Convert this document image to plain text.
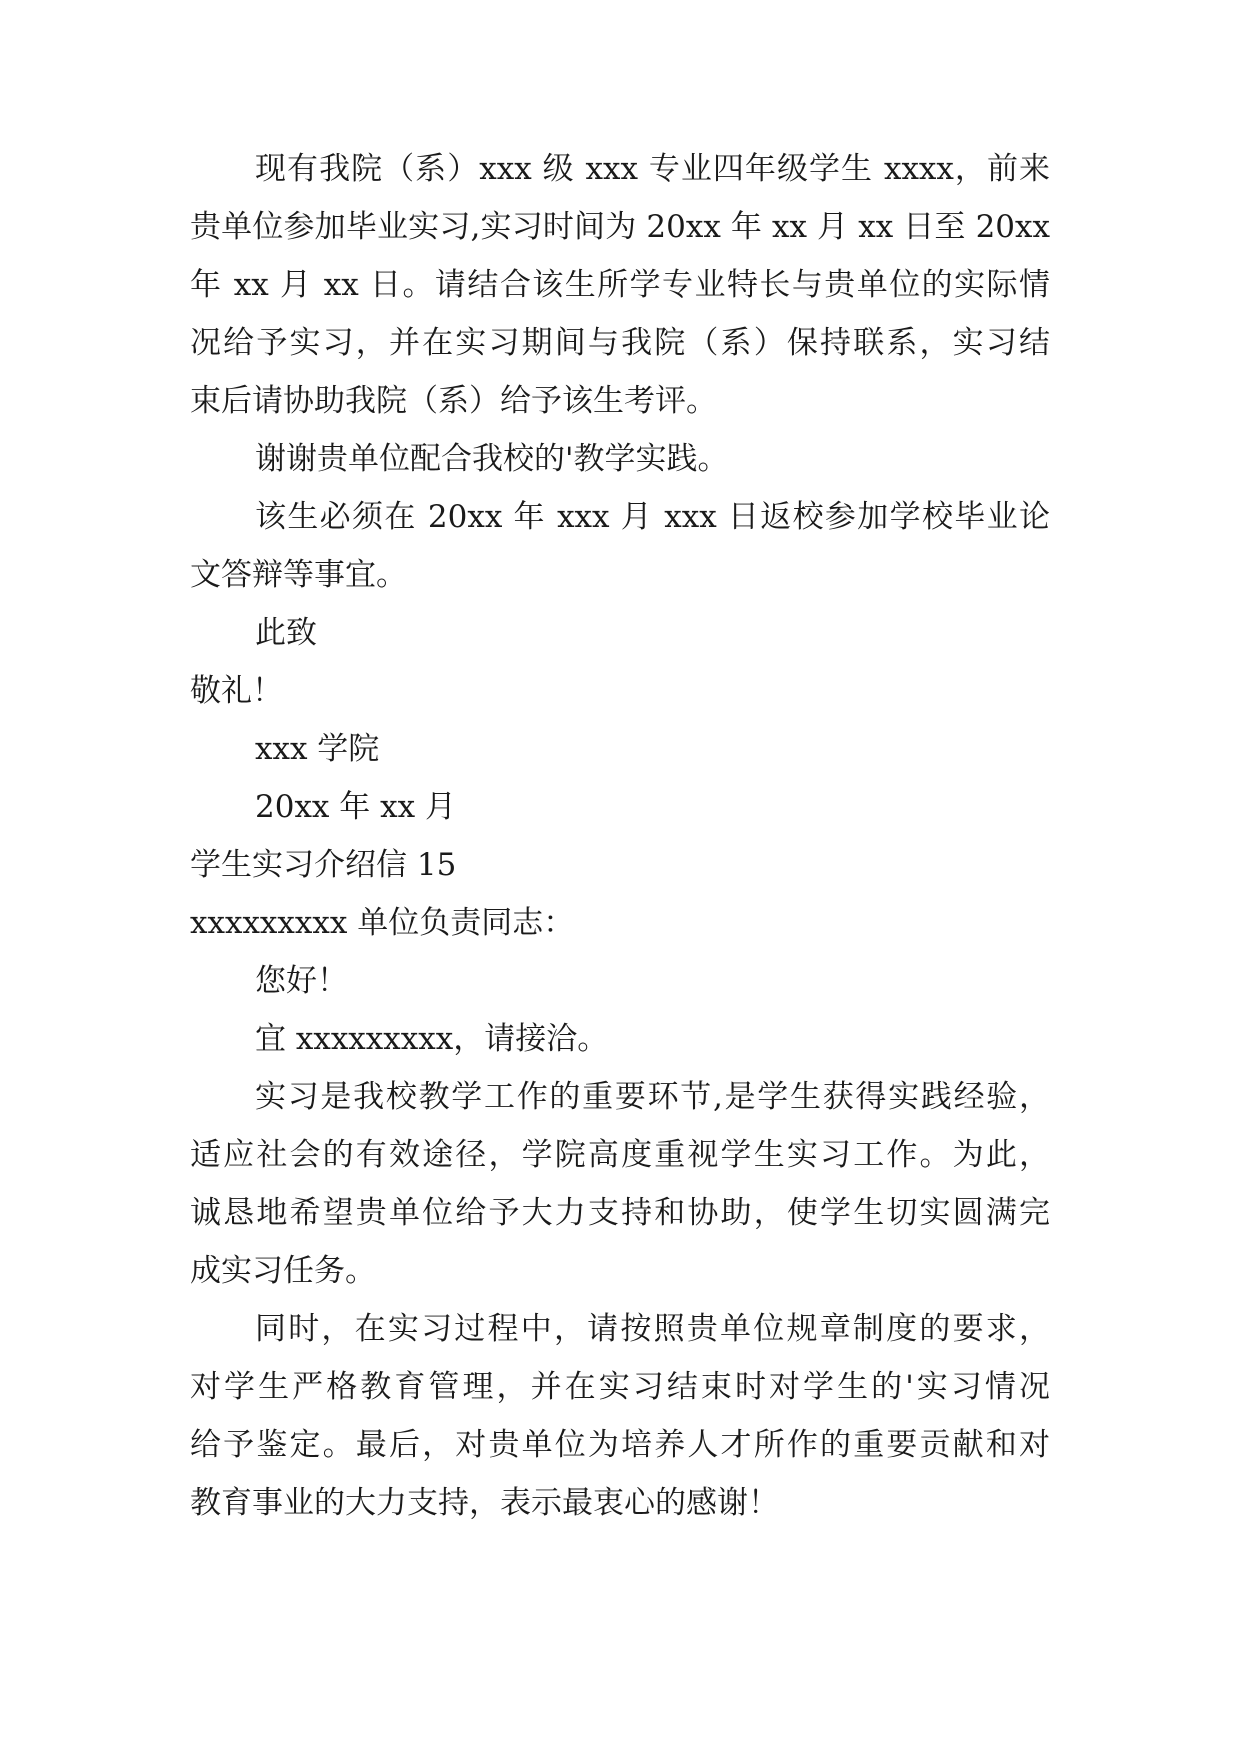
现有我院（系）xxx 级 xxx 专业四年级学生 xxxx，前来

贵单位参加毕业实习,实习时间为 20xx 年 xx 月 xx 日至 20xx

年 xx 月 xx 日。请结合该生所学专业特长与贵单位的实际情

况给予实习，并在实习期间与我院（系）保持联系，实习结

束后请协助我院（系）给予该生考评。

谢谢贵单位配合我校的'教学实践。

该生必须在 20xx 年 xxx 月 xxx 日返校参加学校毕业论

文答辩等事宜。

此致

敬礼！

xxx 学院

20xx 年 xx 月

学生实习介绍信 15

xxxxxxxxx 单位负责同志：

您好！

宜 xxxxxxxxx，请接洽。

实习是我校教学工作的重要环节,是学生获得实践经验，

适应社会的有效途径，学院高度重视学生实习工作。为此，

诚恳地希望贵单位给予大力支持和协助，使学生切实圆满完

成实习任务。

同时，在实习过程中，请按照贵单位规章制度的要求，

对学生严格教育管理，并在实习结束时对学生的'实习情况

给予鉴定。最后，对贵单位为培养人才所作的重要贡献和对

教育事业的大力支持，表示最衷心的感谢！
